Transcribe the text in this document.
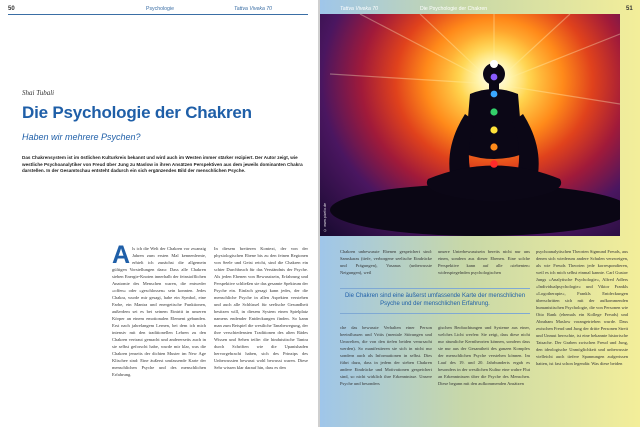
50	Psychologie	Tattva Viveka 70
Shai Tubali
Die Psychologie der Chakren
Haben wir mehrere Psychen?
Das Chakrensystem ist im östlichen Kulturkreis bekannt und wird auch im Westen immer stärker rezipiert. Der Autor zeigt, wie westliche Psychoanalytiker von Freud über Jung zu Maslow in ihren Ansätzen Perspektiven aus dem jeweils dominanten Chakra darstellen. In der Gesamtschau entsteht dadurch ein sich ergänzendes Bild der menschlichen Psyche.
Als ich die Welt der Chakren vor zwanzig Jahren zum ersten Mal kennenlernte, erhielt ich zunächst die allgemein gültigen Vorstellungen dazu: Dass alle Chakren sieben Energie-Knoten innerhalb der feinstofflichen Anatomie des Menschen waren, die entweder »offen« oder »geschlossen« sein konnten. Jedes Chakra, wurde mir gesagt, habe ein Symbol, eine Farbe, ein Mantra und energetische Funktionen, außerdem sei es bei seinem Eintritt in unseren Körper an einem emotionalen Element gebunden. Erst nach jahrelangem Lernen, bei dem ich mich intensiv mit den traditionellen Lehren zu den Chakren vertraut gemacht und andererseits auch in sie selbst geforscht habe, wurde mir klar, was die Chakren jenseits der dichten Muster im New Age Klischee sind: Eine äußerst umfassende Karte der menschlichen Psyche und des menschlichen Erfahrung.
In diesem breiteren Kontext, der von der physiologischen Ebene bis zu den feinen Regionen von Seele und Geist reicht, sind die Chakren ein schier Durchbruch für das Verständnis der Psyche. Als jeden Ebenen von Bewusstsein, Erfahrung und Perspektive schließen sie das gesamte Spektrum der Psyche ein. Einfach gesagt kann jedes, der die menschliche Psyche in allen Aspekten verstehen und auch alle Schlüssel für seelische Gesundheit besitzen will, in diesem System einen Spielplatz namens endender Entdeckungen finden. So kann man zum Beispiel die westliche Tanzbewegung, der ihre verschiedensten Traditionen des alten Rädes Wissen und Sehen teilte: die hinduistische Tantra durch Schriften wie die Upanishaden hervorgebracht haben, sich des Prinzips des Unbewussten bewusst wohl bewusst waren. Diese Sehr wissen klar darauf hin, dass es den
Tattva Viveka 70	Die Psychologie der Chakren	51
© www.pixelio.de
Chakren unbewusste Ebenen gespeichert sind: Samskaras (tiefe, verborgene seelische Eindrücke und Prägungen), Vasanas (unbewusste Neigungen), weil
unsere Unterbewusstsein bereits nicht nur uns einen, sondern aus dieser Ebenen. Eine solche Perspektive kann auf alle ›siebenten‹ widerspiegelnden psychologischen
Die Chakren sind eine äußerst umfassende Karte der menschlichen Psyche und der menschlichen Erfahrung.
che das bewusste Verhalten einer Person beeinflussen und Vritis (mentale Störungen und Umwelten, die von den tiefen beiden verursacht werden). So manifestieren sie sich in nicht nur sondern auch als Informationen in selbst. Dies führt dazu, dass in jedem der sieben Chakren andere Eindrücke und Motivationen gespeichert sind, so nicht wirklich ihre Erkenntnisse. Unsere Psyche und besonders
gischen Beobachtungen und Systeme aus einer, welches Licht werfen: Sie zeigt, dass diese nicht nur räumliche Kerntheorien können, sondern dass sie nur aus der Gesamtheit des ganzen Komplex der menschlichen Psyche verstehen können. Im Lauf des 19. und 20. Jahrhunderts ergab es besonders in der westlichen Kultur eine wahre Flut an Erkenntnissen über die Psyche des Menschen. Diese begann mit den aufkommenden Ansätzen
psychoanalytischen Theorien Sigmund Freuds, aus denen sich wiederum andere Schulen verzweigen, als wie Freuds Theorien jede korrespondieren, weil es ich mich selbst einmal kannte. Carl Gustav Jungs »Analytische Psychologie«, Alfred Adlers »Individualpsychologie« und Viktor Frankls »Logotherapie«, Frankls Entdeckungen überschritten sich mit der aufkommenden humanistischen Psychologie, die von Personen wie Otto Rank (ehemals ein Kollege Freuds) und Abraham Maslow vorangetrieben wurde. Dass zwischen Freud und Jung der dritte Personen Streit und Unmut herrschte, ist eine bekannte historische Tatsache. Der Graben zwischen Freud und Jung, den ideologische Unmöglichkeit und unbewusste vielleicht auch tiefere Spannungen aufgerissen hatten, ist fast schon legendär. Was diese beiden
